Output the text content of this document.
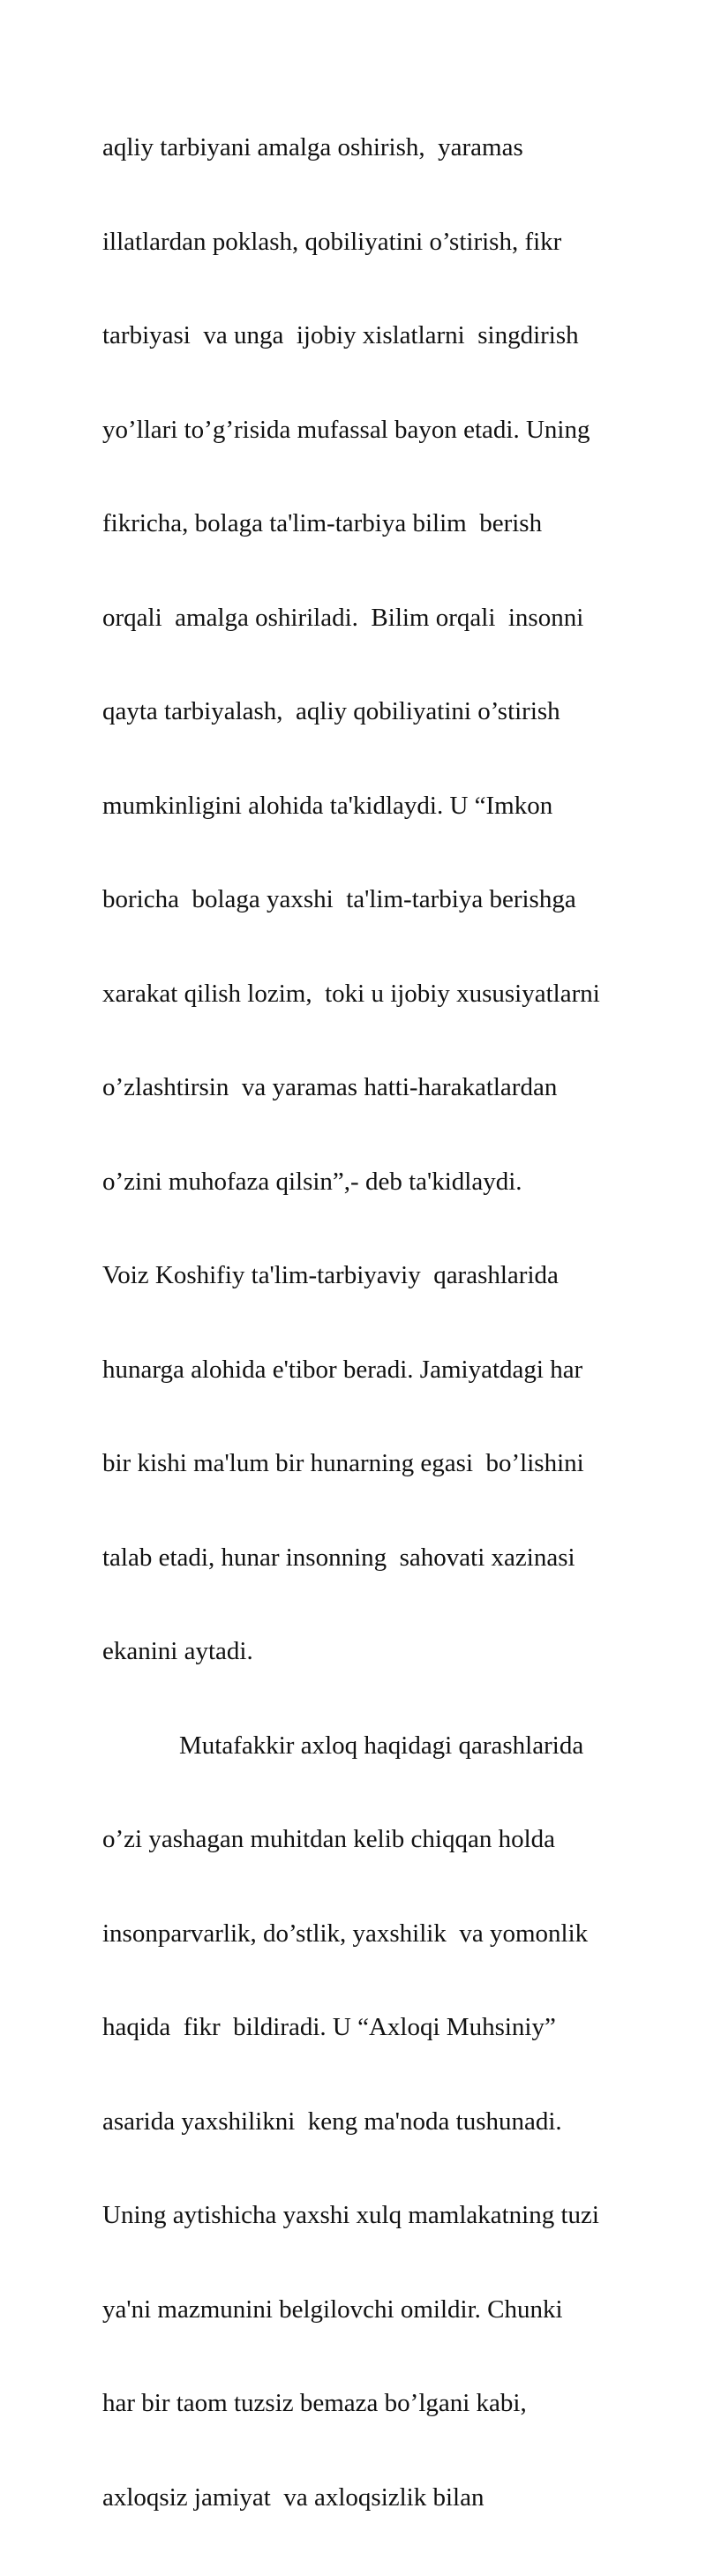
aqliy tarbiyani amalga oshirish,  yaramas

illatlardan poklash, qobiliyatini o’stirish, fikr

tarbiyasi  va unga  ijobiy xislatlarni  singdirish

yo’llari to’g’risida mufassal bayon etadi. Uning

fikricha, bolaga ta'lim-tarbiya bilim  berish

orqali  amalga oshiriladi.  Bilim orqali  insonni

qayta tarbiyalash,  aqliy qobiliyatini o’stirish

mumkinligini alohida ta'kidlaydi. U “Imkon

boricha  bolaga yaxshi  ta'lim-tarbiya berishga

xarakat qilish lozim,  toki u ijobiy xususiyatlarni

o’zlashtirsin  va yaramas hatti-harakatlardan

o’zini muhofaza qilsin”,- deb ta'kidlaydi.

Voiz Koshifiy ta'lim-tarbiyaviy  qarashlarida

hunarga alohida e'tibor beradi. Jamiyatdagi har

bir kishi ma'lum bir hunarning egasi  bo’lishini

talab etadi, hunar insonning  sahovati xazinasi

ekanini aytadi.

Mutafakkir axloq haqidagi qarashlarida

o’zi yashagan muhitdan kelib chiqqan holda

insonparvarlik, do’stlik, yaxshilik  va yomonlik

haqida  fikr  bildiradi. U “Axloqi Muhsiniy”

asarida yaxshilikni  keng ma'noda tushunadi.

Uning aytishicha yaxshi xulq mamlakatning tuzi

ya'ni mazmunini belgilovchi omildir. Chunki

har bir taom tuzsiz bemaza bo’lgani kabi,

axloqsiz jamiyat  va axloqsizlik bilan
